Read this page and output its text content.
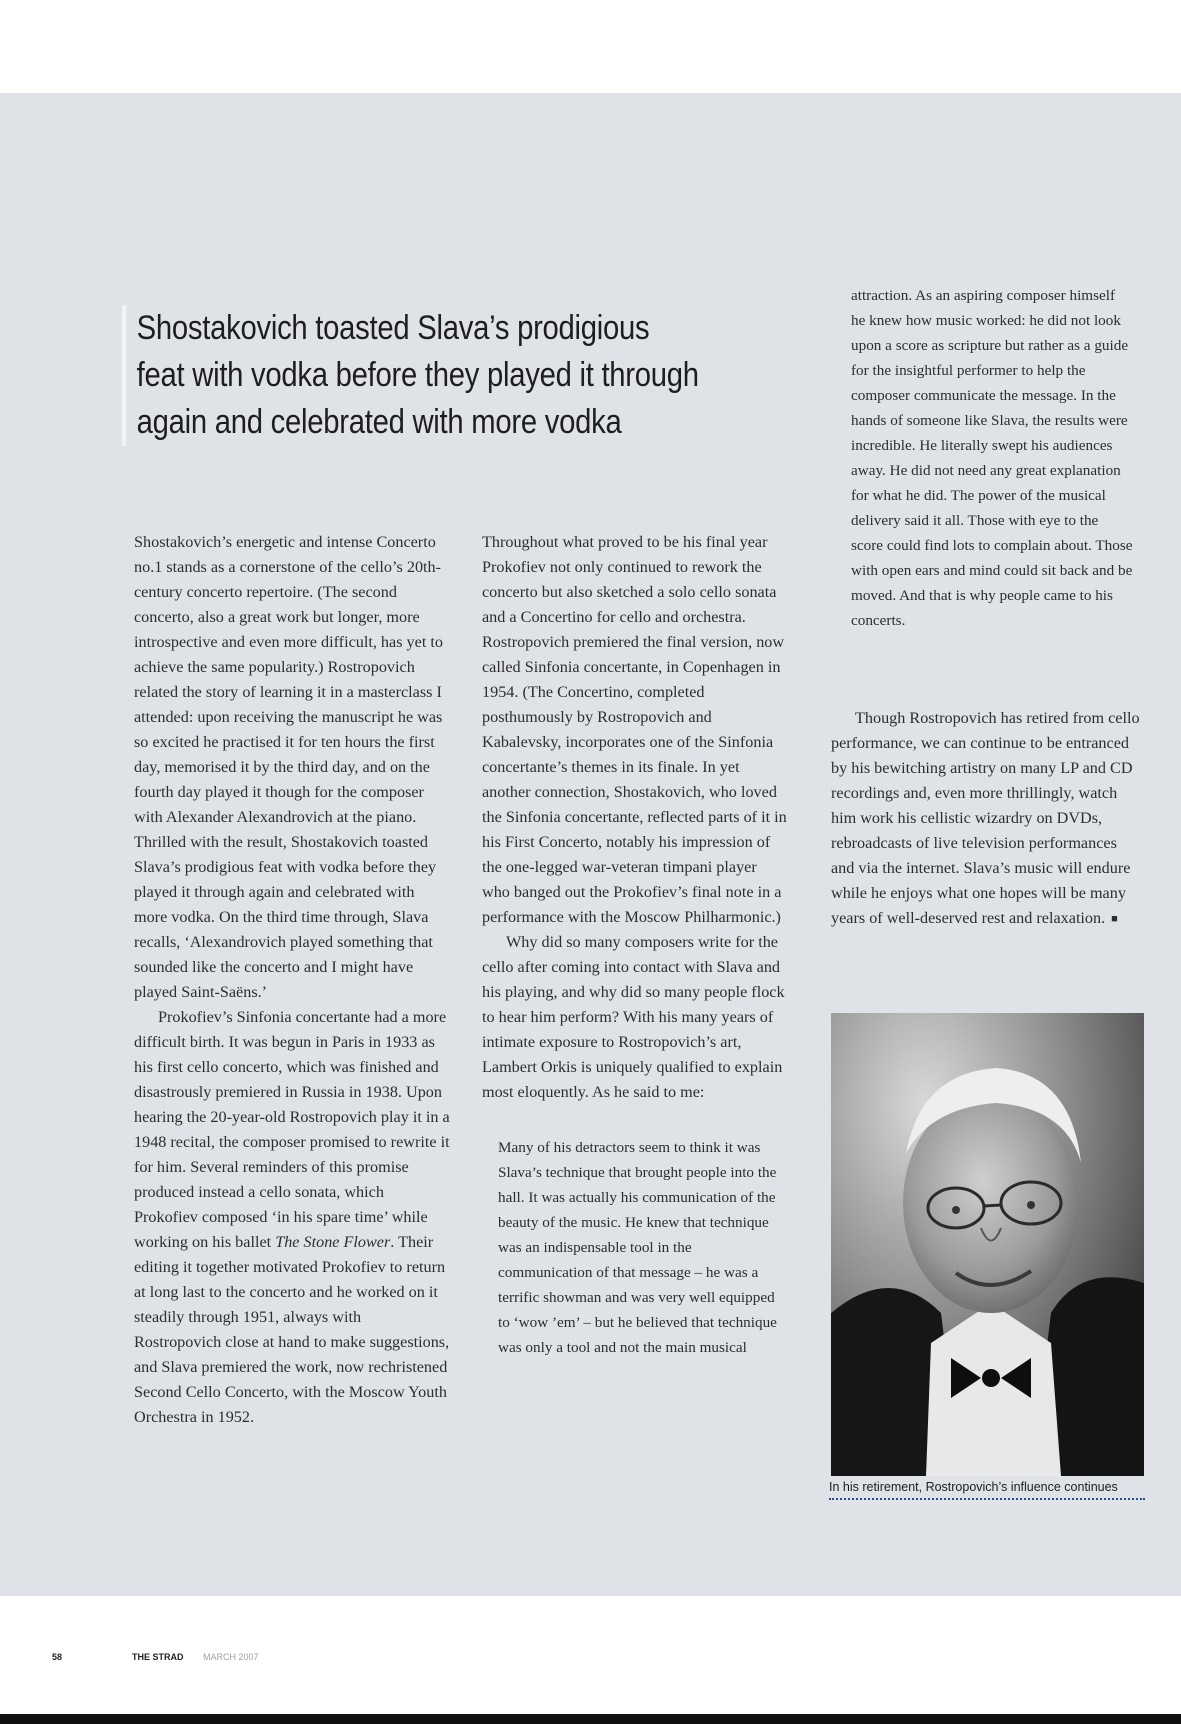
Shostakovich toasted Slava’s prodigious feat with vodka before they played it through again and celebrated with more vodka

Shostakovich’s energetic and intense Concerto no.1 stands as a cornerstone of the cello’s 20th-century concerto repertoire. (The second concerto, also a great work but longer, more introspective and even more difficult, has yet to achieve the same popularity.) Rostropovich related the story of learning it in a masterclass I attended: upon receiving the manuscript he was so excited he practised it for ten hours the first day, memorised it by the third day, and on the fourth day played it though for the composer with Alexander Alexandrovich at the piano. Thrilled with the result, Shostakovich toasted Slava’s prodigious feat with vodka before they played it through again and celebrated with more vodka. On the third time through, Slava recalls, ‘Alexandrovich played something that sounded like the concerto and I might have played Saint-Saëns.’

Prokofiev’s Sinfonia concertante had a more difficult birth. It was begun in Paris in 1933 as his first cello concerto, which was finished and disastrously premiered in Russia in 1938. Upon hearing the 20-year-old Rostropovich play it in a 1948 recital, the composer promised to rewrite it for him. Several reminders of this promise produced instead a cello sonata, which Prokofiev composed ‘in his spare time’ while working on his ballet The Stone Flower. Their editing it together motivated Prokofiev to return at long last to the concerto and he worked on it steadily through 1951, always with Rostropovich close at hand to make suggestions, and Slava premiered the work, now rechristened Second Cello Concerto, with the Moscow Youth Orchestra in 1952.

Throughout what proved to be his final year Prokofiev not only continued to rework the concerto but also sketched a solo cello sonata and a Concertino for cello and orchestra. Rostropovich premiered the final version, now called Sinfonia concertante, in Copenhagen in 1954. (The Concertino, completed posthumously by Rostropovich and Kabalevsky, incorporates one of the Sinfonia concertante’s themes in its finale. In yet another connection, Shostakovich, who loved the Sinfonia concertante, reflected parts of it in his First Concerto, notably his impression of the one-legged war-veteran timpani player who banged out the Prokofiev’s final note in a performance with the Moscow Philharmonic.)

Why did so many composers write for the cello after coming into contact with Slava and his playing, and why did so many people flock to hear him perform? With his many years of intimate exposure to Rostropovich’s art, Lambert Orkis is uniquely qualified to explain most eloquently. As he said to me:

Many of his detractors seem to think it was Slava’s technique that brought people into the hall. It was actually his communication of the beauty of the music. He knew that technique was an indispensable tool in the communication of that message – he was a terrific showman and was very well equipped to ‘wow ’em’ – but he believed that technique was only a tool and not the main musical

attraction. As an aspiring composer himself he knew how music worked: he did not look upon a score as scripture but rather as a guide for the insightful performer to help the composer communicate the message. In the hands of someone like Slava, the results were incredible. He literally swept his audiences away. He did not need any great explanation for what he did. The power of the musical delivery said it all. Those with eye to the score could find lots to complain about. Those with open ears and mind could sit back and be moved. And that is why people came to his concerts.

Though Rostropovich has retired from cello performance, we can continue to be entranced by his bewitching artistry on many LP and CD recordings and, even more thrillingly, watch him work his cellistic wizardry on DVDs, rebroadcasts of live television performances and via the internet. Slava’s music will endure while he enjoys what one hopes will be many years of well-deserved rest and relaxation. ■

In his retirement, Rostropovich’s influence continues
58	THE STRAD MARCH 2007
